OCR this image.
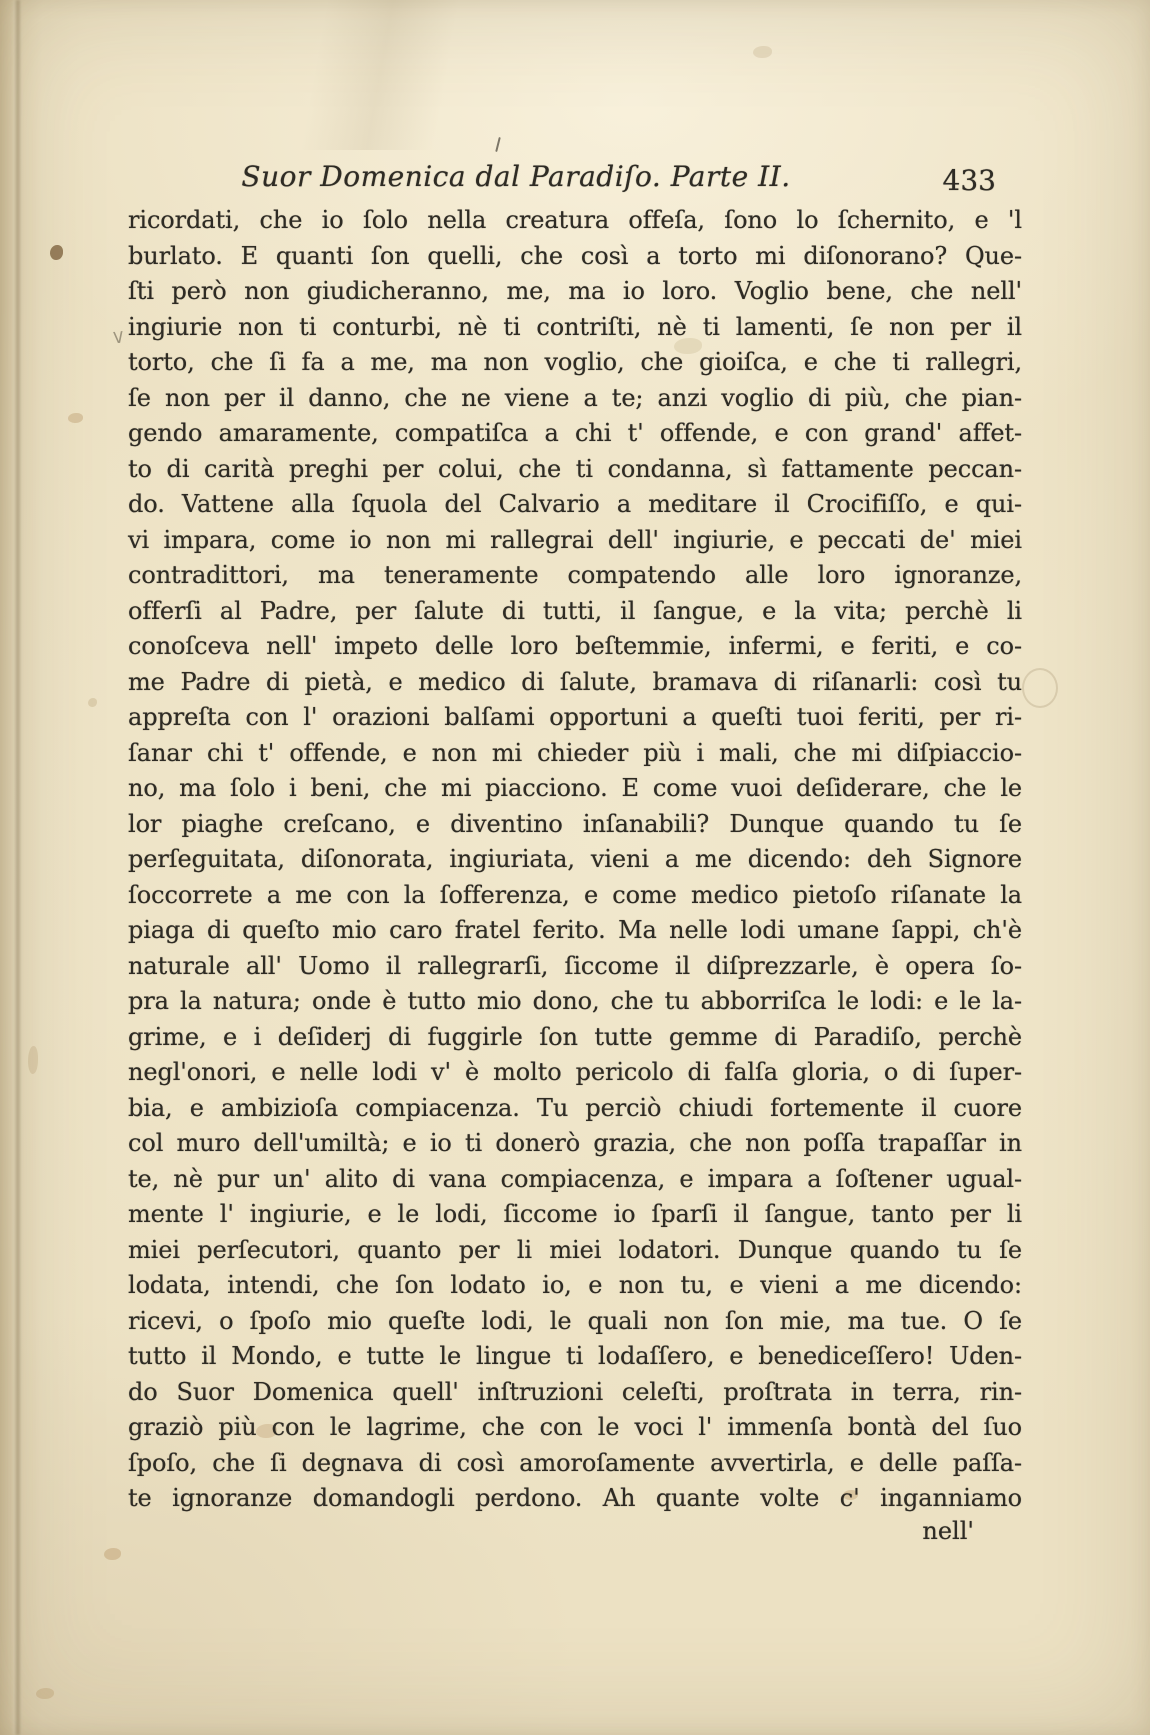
Suor Domenica dal Paradiſo. Parte II.	433
v
ricordati, che io ſolo nella creatura offeſa, ſono lo ſchernito, e 'l
burlato. E quanti ſon quelli, che così a torto mi diſonorano? Que-
ſti però non giudicheranno, me, ma io loro. Voglio bene, che nell'
ingiurie non ti conturbi, nè ti contriſti, nè ti lamenti, ſe non per il
torto, che ſi fa a me, ma non voglio, che gioiſca, e che ti rallegri,
ſe non per il danno, che ne viene a te; anzi voglio di più, che pian-
gendo amaramente, compatiſca a chi t' offende, e con grand' affet-
to di carità preghi per colui, che ti condanna, sì fattamente peccan-
do. Vattene alla ſquola del Calvario a meditare il Crocifiſſo, e qui-
vi impara, come io non mi rallegrai dell' ingiurie, e peccati de' miei
contradittori, ma teneramente compatendo alle loro ignoranze,
offerſi al Padre, per ſalute di tutti, il ſangue, e la vita; perchè li
conoſceva nell' impeto delle loro beſtemmie, infermi, e feriti, e co-
me Padre di pietà, e medico di ſalute, bramava di riſanarli: così tu
appreſta con l' orazioni balſami opportuni a queſti tuoi feriti, per ri-
ſanar chi t' offende, e non mi chieder più i mali, che mi diſpiaccio-
no, ma ſolo i beni, che mi piacciono. E come vuoi deſiderare, che le
lor piaghe creſcano, e diventino inſanabili? Dunque quando tu ſe
perſeguitata, diſonorata, ingiuriata, vieni a me dicendo: deh Signore
ſoccorrete a me con la ſofferenza, e come medico pietoſo riſanate la
piaga di queſto mio caro fratel ferito. Ma nelle lodi umane ſappi, ch'è
naturale all' Uomo il rallegrarſi, ſiccome il diſprezzarle, è opera ſo-
pra la natura; onde è tutto mio dono, che tu abborriſca le lodi: e le la-
grime, e i deſiderj di fuggirle ſon tutte gemme di Paradiſo, perchè
negl'onori, e nelle lodi v' è molto pericolo di falſa gloria, o di ſuper-
bia, e ambizioſa compiacenza. Tu perciò chiudi fortemente il cuore
col muro dell'umiltà; e io ti donerò grazia, che non poſſa trapaſſar in
te, nè pur un' alito di vana compiacenza, e impara a ſoſtener ugual-
mente l' ingiurie, e le lodi, ſiccome io ſparſi il ſangue, tanto per li
miei perſecutori, quanto per li miei lodatori. Dunque quando tu ſe
lodata, intendi, che ſon lodato io, e non tu, e vieni a me dicendo:
ricevi, o ſpoſo mio queſte lodi, le quali non ſon mie, ma tue. O ſe
tutto il Mondo, e tutte le lingue ti lodaſſero, e benediceſſero! Uden-
do Suor Domenica quell' inſtruzioni celeſti, proſtrata in terra, rin-
graziò più con le lagrime, che con le voci l' immenſa bontà del ſuo
ſpoſo, che ſi degnava di così amoroſamente avvertirla, e delle paſſa-
te ignoranze domandogli perdono. Ah quante volte c' inganniamo
nell'
